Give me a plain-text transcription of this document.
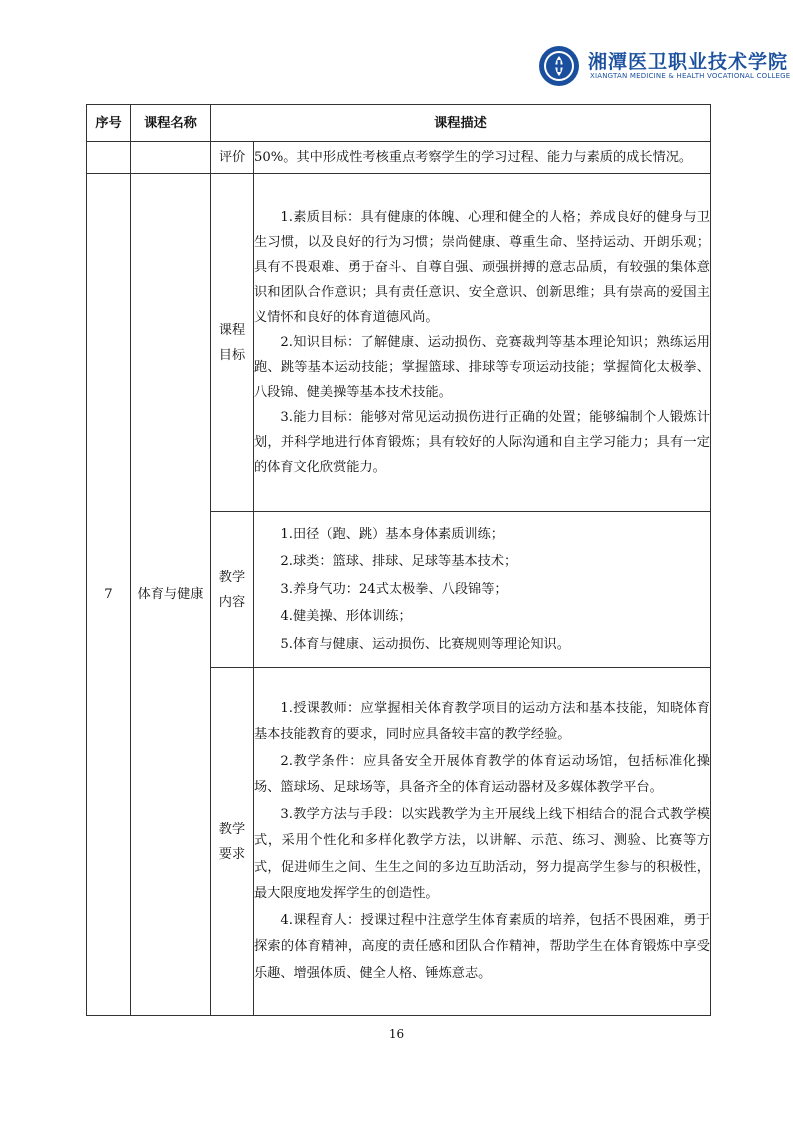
湘潭医卫职业技术学院
XIANGTAN MEDICINE & HEALTH VOCATIONAL COLLEGE
序号	课程名称	课程描述	
		评价	50%。其中形成性考核重点考察学生的学习过程、能力与素质的成长情况。

7	体育与健康	课程目标	1.素质目标：具有健康的体魄、心理和健全的人格；养成良好的健身与卫生习惯，以及良好的行为习惯；崇尚健康、尊重生命、坚持运动、开朗乐观；具有不畏艰难、勇于奋斗、自尊自强、顽强拼搏的意志品质，有较强的集体意识和团队合作意识；具有责任意识、安全意识、创新思维；具有崇高的爱国主义情怀和良好的体育道德风尚。

2.知识目标：了解健康、运动损伤、竞赛裁判等基本理论知识；熟练运用跑、跳等基本运动技能；掌握篮球、排球等专项运动技能；掌握简化太极拳、八段锦、健美操等基本技术技能。

3.能力目标：能够对常见运动损伤进行正确的处置；能够编制个人锻炼计划，并科学地进行体育锻炼；具有较好的人际沟通和自主学习能力；具有一定的体育文化欣赏能力。

		教学内容	1.田径（跑、跳）基本身体素质训练；

2.球类：篮球、排球、足球等基本技术；

3.养身气功：24式太极拳、八段锦等；

4.健美操、形体训练；

5.体育与健康、运动损伤、比赛规则等理论知识。

		教学要求	1.授课教师：应掌握相关体育教学项目的运动方法和基本技能，知晓体育基本技能教育的要求，同时应具备较丰富的教学经验。

2.教学条件：应具备安全开展体育教学的体育运动场馆，包括标准化操场、篮球场、足球场等，具备齐全的体育运动器材及多媒体教学平台。

3.教学方法与手段：以实践教学为主开展线上线下相结合的混合式教学模式，采用个性化和多样化教学方法，以讲解、示范、练习、测验、比赛等方式，促进师生之间、生生之间的多边互助活动，努力提高学生参与的积极性，最大限度地发挥学生的创造性。

4.课程育人：授课过程中注意学生体育素质的培养，包括不畏困难，勇于探索的体育精神，高度的责任感和团队合作精神，帮助学生在体育锻炼中享受乐趣、增强体质、健全人格、锤炼意志。

16
